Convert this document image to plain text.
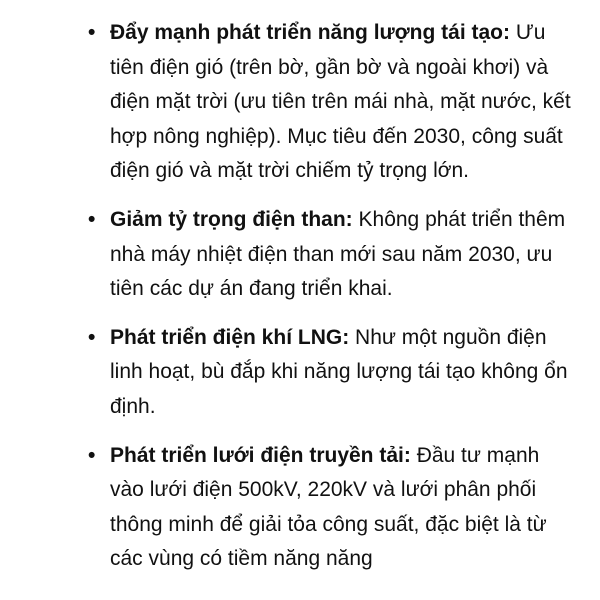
• Đẩy mạnh phát triển năng lượng tái tạo: Ưu tiên điện gió (trên bờ, gần bờ và ngoài khơi) và điện mặt trời (ưu tiên trên mái nhà, mặt nước, kết hợp nông nghiệp). Mục tiêu đến 2030, công suất điện gió và mặt trời chiếm tỷ trọng lớn.
• Giảm tỷ trọng điện than: Không phát triển thêm nhà máy nhiệt điện than mới sau năm 2030, ưu tiên các dự án đang triển khai.
• Phát triển điện khí LNG: Như một nguồn điện linh hoạt, bù đắp khi năng lượng tái tạo không ổn định.
• Phát triển lưới điện truyền tải: Đầu tư mạnh vào lưới điện 500kV, 220kV và lưới phân phối thông minh để giải tỏa công suất, đặc biệt là từ các vùng có tiềm năng năng
